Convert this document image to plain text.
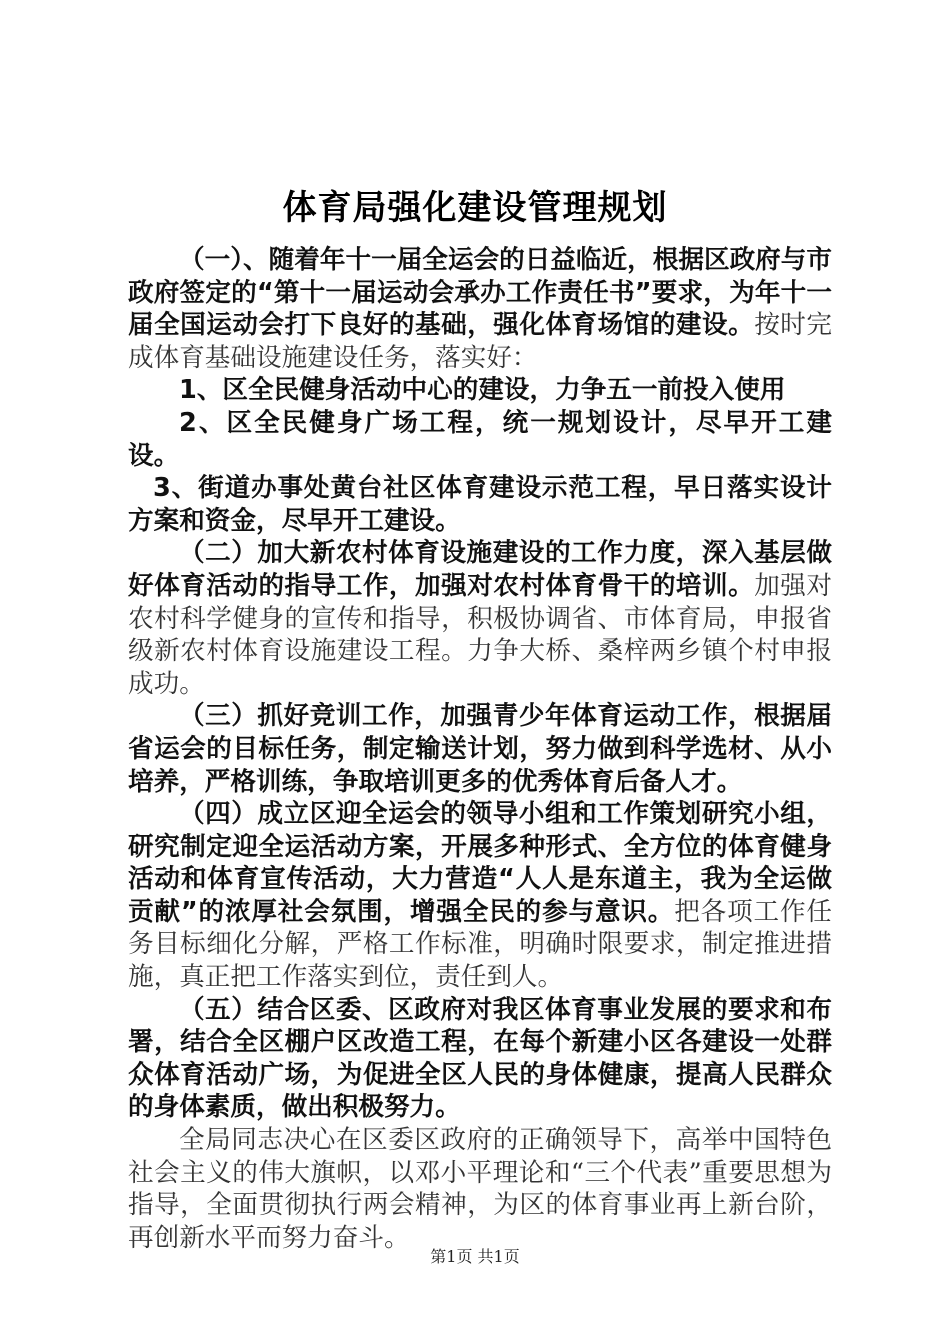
体育局强化建设管理规划

（一）、随着年十一届全运会的日益临近，根据区政府与市政府签定的“第十一届运动会承办工作责任书”要求，为年十一届全国运动会打下良好的基础，强化体育场馆的建设。按时完成体育基础设施建设任务，落实好：

1、区全民健身活动中心的建设，力争五一前投入使用

2、区全民健身广场工程，统一规划设计，尽早开工建设。

3、街道办事处黄台社区体育建设示范工程，早日落实设计方案和资金，尽早开工建设。

（二）加大新农村体育设施建设的工作力度，深入基层做好体育活动的指导工作，加强对农村体育骨干的培训。加强对农村科学健身的宣传和指导，积极协调省、市体育局，申报省级新农村体育设施建设工程。力争大桥、桑梓两乡镇个村申报成功。

（三）抓好竞训工作，加强青少年体育运动工作，根据届省运会的目标任务，制定输送计划，努力做到科学选材、从小培养，严格训练，争取培训更多的优秀体育后备人才。

（四）成立区迎全运会的领导小组和工作策划研究小组，研究制定迎全运活动方案，开展多种形式、全方位的体育健身活动和体育宣传活动，大力营造“人人是东道主，我为全运做贡献”的浓厚社会氛围，增强全民的参与意识。把各项工作任务目标细化分解，严格工作标准，明确时限要求，制定推进措施，真正把工作落实到位，责任到人。

（五）结合区委、区政府对我区体育事业发展的要求和布署，结合全区棚户区改造工程，在每个新建小区各建设一处群众体育活动广场，为促进全区人民的身体健康，提高人民群众的身体素质，做出积极努力。

全局同志决心在区委区政府的正确领导下，高举中国特色社会主义的伟大旗帜，以邓小平理论和“三个代表”重要思想为指导，全面贯彻执行两会精神，为区的体育事业再上新台阶，再创新水平而努力奋斗。

第1页 共1页
